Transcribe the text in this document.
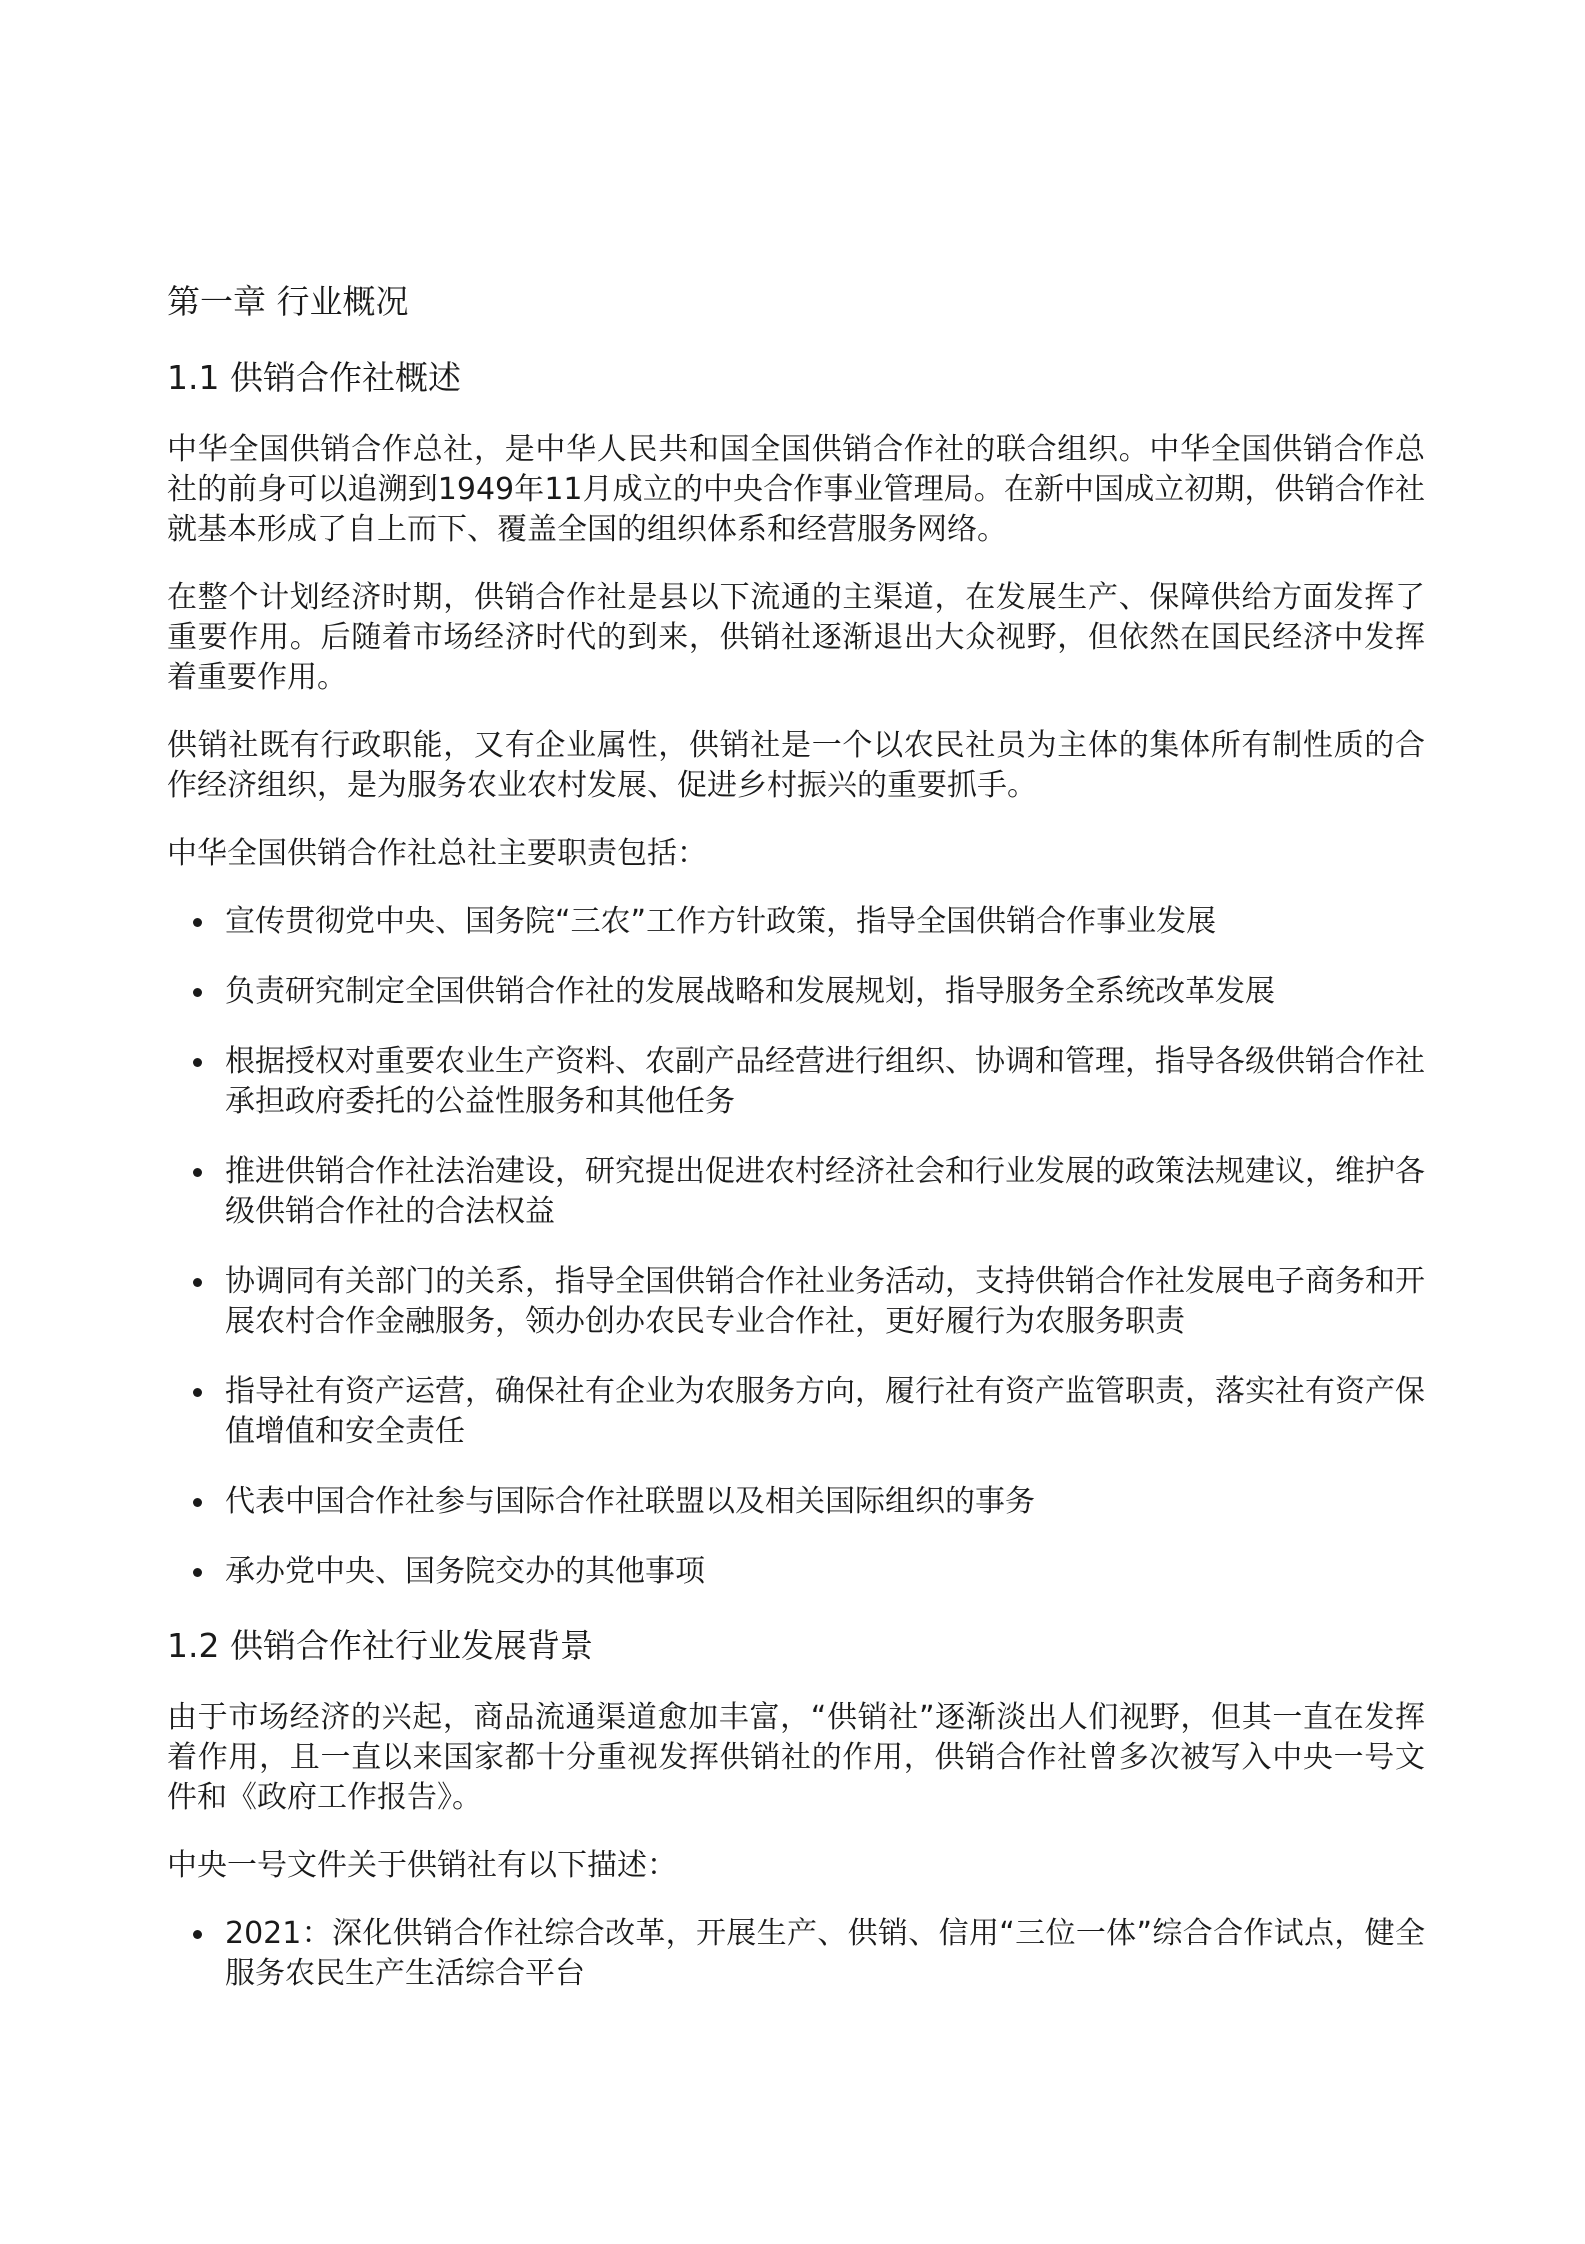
第一章 行业概况
1.1 供销合作社概述

中华全国供销合作总社，是中华人民共和国全国供销合作社的联合组织。中华全国供销合作总社的前身可以追溯到1949年11月成立的中央合作事业管理局。在新中国成立初期，供销合作社就基本形成了自上而下、覆盖全国的组织体系和经营服务网络。

在整个计划经济时期，供销合作社是县以下流通的主渠道，在发展生产、保障供给方面发挥了重要作用。后随着市场经济时代的到来，供销社逐渐退出大众视野，但依然在国民经济中发挥着重要作用。

供销社既有行政职能，又有企业属性，供销社是一个以农民社员为主体的集体所有制性质的合作经济组织，是为服务农业农村发展、促进乡村振兴的重要抓手。

中华全国供销合作社总社主要职责包括：

宣传贯彻党中央、国务院“三农”工作方针政策，指导全国供销合作事业发展
负责研究制定全国供销合作社的发展战略和发展规划，指导服务全系统改革发展
根据授权对重要农业生产资料、农副产品经营进行组织、协调和管理，指导各级供销合作社承担政府委托的公益性服务和其他任务
推进供销合作社法治建设，研究提出促进农村经济社会和行业发展的政策法规建议，维护各级供销合作社的合法权益
协调同有关部门的关系，指导全国供销合作社业务活动，支持供销合作社发展电子商务和开展农村合作金融服务，领办创办农民专业合作社，更好履行为农服务职责
指导社有资产运营，确保社有企业为农服务方向，履行社有资产监管职责，落实社有资产保值增值和安全责任
代表中国合作社参与国际合作社联盟以及相关国际组织的事务
承办党中央、国务院交办的其他事项
1.2 供销合作社行业发展背景

由于市场经济的兴起，商品流通渠道愈加丰富，“供销社”逐渐淡出人们视野，但其一直在发挥着作用，且一直以来国家都十分重视发挥供销社的作用，供销合作社曾多次被写入中央一号文件和《政府工作报告》。

中央一号文件关于供销社有以下描述：

2021：深化供销合作社综合改革，开展生产、供销、信用“三位一体”综合合作试点，健全服务农民生产生活综合平台
